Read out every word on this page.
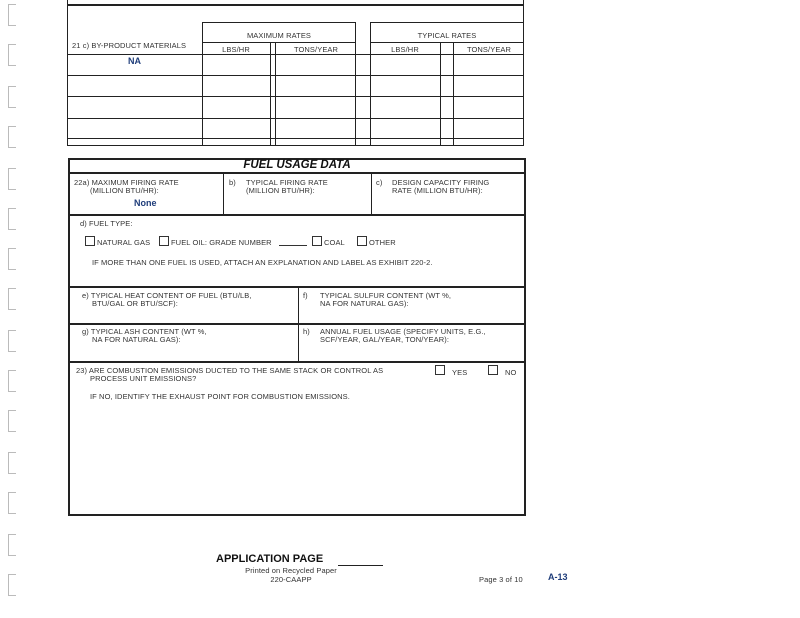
21 c) BY-PRODUCT MATERIALS
NA
MAXIMUM RATES
LBS/HR	TONS/YEAR
TYPICAL RATES
LBS/HR	TONS/YEAR
FUEL USAGE DATA
22a) MAXIMUM FIRING RATE
(MILLION BTU/HR):
None
b) TYPICAL FIRING RATE
(MILLION BTU/HR):
c) DESIGN CAPACITY FIRING
RATE (MILLION BTU/HR):
d) FUEL TYPE:
NATURAL GAS	FUEL OIL: GRADE NUMBER	COAL	OTHER
IF MORE THAN ONE FUEL IS USED, ATTACH AN EXPLANATION AND LABEL AS EXHIBIT 220-2.
e) TYPICAL HEAT CONTENT OF FUEL (BTU/LB,
BTU/GAL OR BTU/SCF):
f) TYPICAL SULFUR CONTENT (WT %,
NA FOR NATURAL GAS):
g) TYPICAL ASH CONTENT (WT %,
NA FOR NATURAL GAS):
h) ANNUAL FUEL USAGE (SPECIFY UNITS, E.G.,
SCF/YEAR, GAL/YEAR, TON/YEAR):
23) ARE COMBUSTION EMISSIONS DUCTED TO THE SAME STACK OR CONTROL AS
PROCESS UNIT EMISSIONS?
YES	NO
IF NO, IDENTIFY THE EXHAUST POINT FOR COMBUSTION EMISSIONS.
APPLICATION PAGE
Printed on Recycled Paper
220-CAAPP	Page 3 of 10	A-13
